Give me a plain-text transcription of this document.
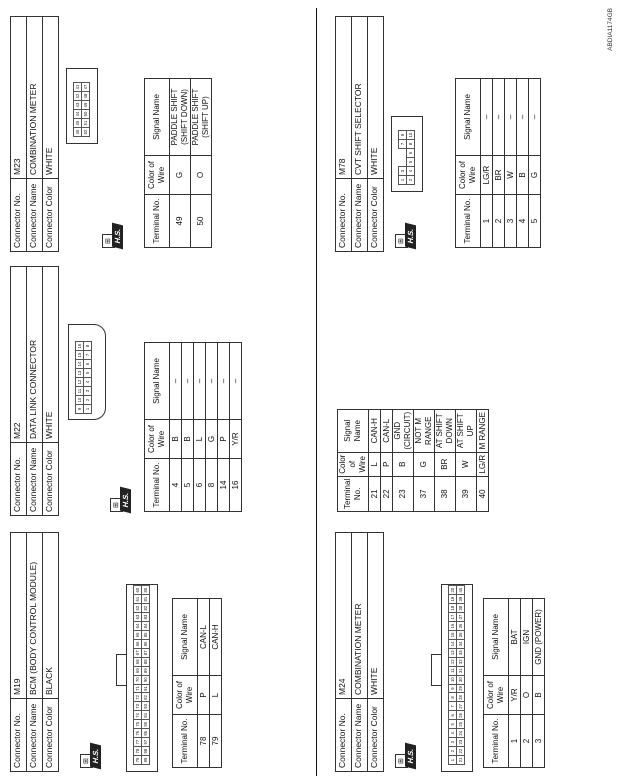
Connector No.	M19
Connector Name	BCM (BODY CONTROL MODULE)
Connector Color	BLACK
⊞ H.S.	79	78	77	76	75	74	73	72	71	70	69	68	67	66	65	64	63	62	61	60
99	98	97	96	95	94	93	92	91	90	89	88	87	86	85	84	83	82	81	80
Terminal No.	Color of Wire	Signal Name
78	P	CAN-L
79	L	CAN-H
Connector No.	M22
Connector Name	DATA LINK CONNECTOR
Connector Color	WHITE
9	10	11	12	13	14	15	16
1	2	3	4	5	6	7	8
⊞ H.S.	Terminal No.	Color of Wire	Signal Name
4	B	–
5	B	–
6	L	–
8	G	–
14	P	–
16	Y/R	–
Connector No.	M23
Connector Name	COMBINATION METER
Connector Color	WHITE
46	45	44	43	42	41
52	51	50	49	48	47
⊞ H.S.	Terminal No.	Color of Wire	Signal Name
49	G	PADDLE SHIFT (SHIFT DOWN)
50	O	PADDLE SHIFT (SHIFT UP)
Connector No.	M24
Connector Name	COMBINATION METER
Connector Color	WHITE
⊞ H.S.	1	2	3	4	5	6	7	8	9	10	11	12	13	14	15	16	17	18	19	20
21	22	23	24	25	26	27	28	29	30	31	32	33	34	35	36	37	38	39	40
Terminal No.	Color of Wire	Signal Name
1	Y/R	BAT
2	O	IGN
3	B	GND (POWER)
Terminal No.	Color of Wire	Signal Name
21	L	CAN-H
22	P	CAN-L
23	B	GND (CIRCUIT)
37	G	NOT M RANGE
38	BR	AT SHIFT DOWN
39	W	AT SHIFT UP
40	LG/R	M RANGE
Connector No.	M78
Connector Name	CVT SHIFT SELECTOR
Connector Color	WHITE
⊞ H.S.
1	3			7	9
2	4	5	6	8	10
Terminal No.	Color of Wire	Signal Name
1	LG/R	–
2	BR	–
3	W	–
4	B	–
5	G	–
ABDIA1174GB
